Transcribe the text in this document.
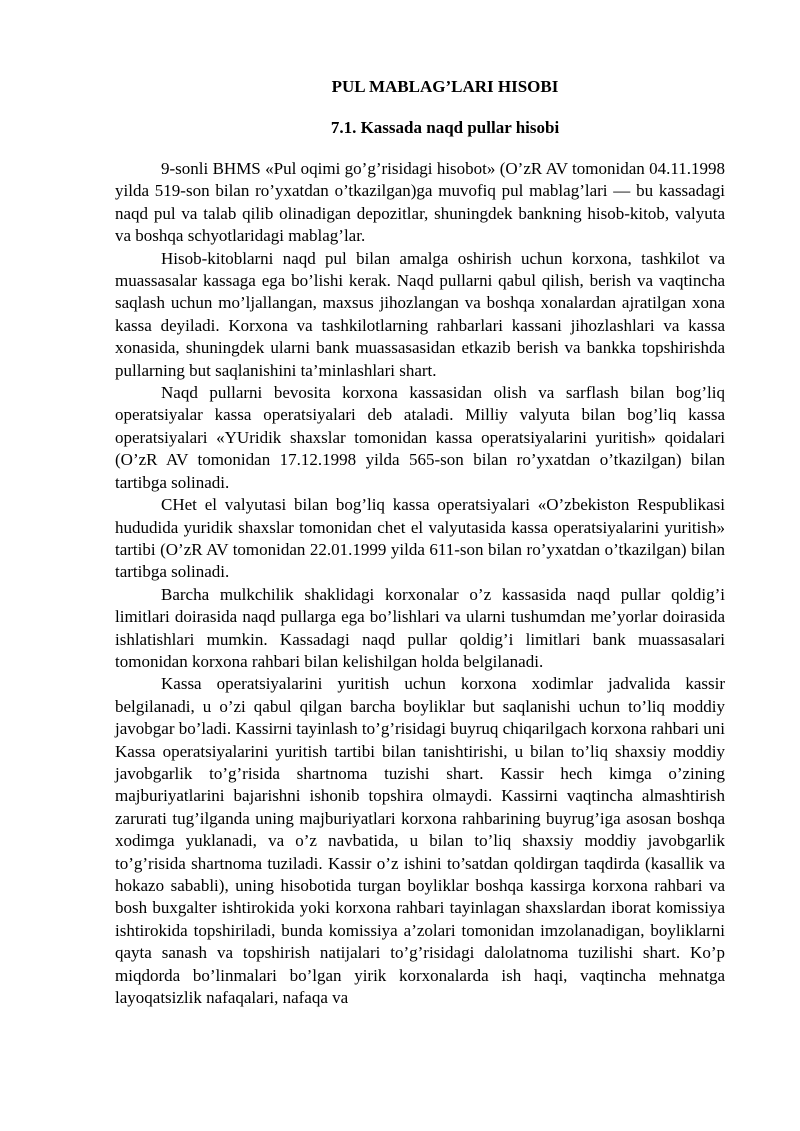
PUL MABLAG’LARI HISOBI
7.1. Kassada naqd pullar hisobi

9-sonli BHMS «Pul oqimi go’g’risidagi hisobot» (O’zR AV tomonidan 04.11.1998 yilda 519-son bilan ro’yxatdan o’tkazilgan)ga muvofiq pul mablag’lari — bu kassadagi naqd pul va talab qilib olinadigan depozitlar, shuningdek bankning hisob-kitob, valyuta va boshqa schyotlaridagi mablag’lar.

Hisob-kitoblarni naqd pul bilan amalga oshirish uchun korxona, tashkilot va muassasalar kassaga ega bo’lishi kerak. Naqd pullarni qabul qilish, berish va vaqtincha saqlash uchun mo’ljallangan, maxsus jihozlangan va boshqa xonalardan ajratilgan xona kassa deyiladi. Korxona va tashkilotlarning rahbarlari kassani jihozlashlari va kassa xonasida, shuningdek ularni bank muassasasidan etkazib berish va bankka topshirishda pullarning but saqlanishini ta’minlashlari shart.

Naqd pullarni bevosita korxona kassasidan olish va sarflash bilan bog’liq operatsiyalar kassa operatsiyalari deb ataladi. Milliy valyuta bilan bog’liq kassa operatsiyalari «YUridik shaxslar tomonidan kassa operatsiyalarini yuritish» qoidalari (O’zR AV tomonidan 17.12.1998 yilda 565-son bilan ro’yxatdan o’tkazilgan) bilan tartibga solinadi.

CHet el valyutasi bilan bog’liq kassa operatsiyalari «O’zbekiston Respublikasi hududida yuridik shaxslar tomonidan chet el valyutasida kassa operatsiyalarini yuritish» tartibi (O’zR AV tomonidan 22.01.1999 yilda 611-son bilan ro’yxatdan o’tkazilgan) bilan tartibga solinadi.

Barcha mulkchilik shaklidagi korxonalar o’z kassasida naqd pullar qoldig’i limitlari doirasida naqd pullarga ega bo’lishlari va ularni tushumdan me’yorlar doirasida ishlatishlari mumkin. Kassadagi naqd pullar qoldig’i limitlari bank muassasalari tomonidan korxona rahbari bilan kelishilgan holda belgilanadi.

Kassa operatsiyalarini yuritish uchun korxona xodimlar jadvalida kassir belgilanadi, u o’zi qabul qilgan barcha boyliklar but saqlanishi uchun to’liq moddiy javobgar bo’ladi. Kassirni tayinlash to’g’risidagi buyruq chiqarilgach korxona rahbari uni Kassa operatsiyalarini yuritish tartibi bilan tanishtirishi, u bilan to’liq shaxsiy moddiy javobgarlik to’g’risida shartnoma tuzishi shart. Kassir hech kimga o’zining majburiyatlarini bajarishni ishonib topshira olmaydi. Kassirni vaqtincha almashtirish zarurati tug’ilganda uning majburiyatlari korxona rahbarining buyrug’iga asosan boshqa xodimga yuklanadi, va o’z navbatida, u bilan to’liq shaxsiy moddiy javobgarlik to’g’risida shartnoma tuziladi. Kassir o’z ishini to’satdan qoldirgan taqdirda (kasallik va hokazo sababli), uning hisobotida turgan boyliklar boshqa kassirga korxona rahbari va bosh buxgalter ishtirokida yoki korxona rahbari tayinlagan shaxslardan iborat komissiya ishtirokida topshiriladi, bunda komissiya a’zolari tomonidan imzolanadigan, boyliklarni qayta sanash va topshirish natijalari to’g’risidagi dalolatnoma tuzilishi shart. Ko’p miqdorda bo’linmalari bo’lgan yirik korxonalarda ish haqi, vaqtincha mehnatga layoqatsizlik nafaqalari, nafaqa va
